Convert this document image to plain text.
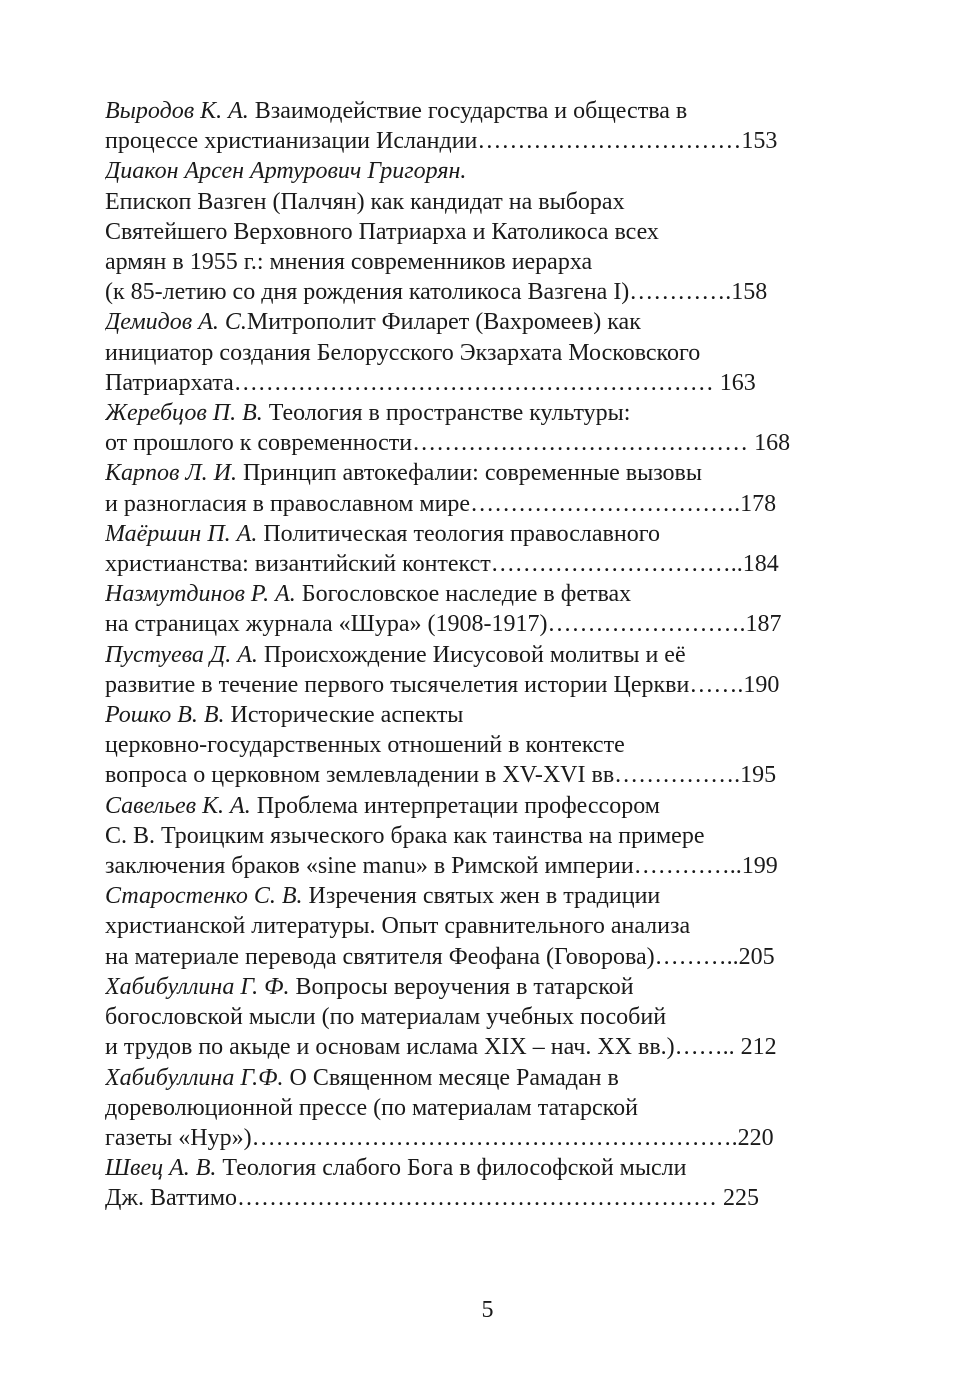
Выродов К. А. Взаимодействие государства и общества в
процессе христианизации Исландии……………………………153
Диакон Арсен Артурович Григорян.
Епископ Вазген (Палчян) как кандидат на выборах
Святейшего Верховного Патриарха и Католикоса всех
армян в 1955 г.: мнения современников иерарха
(к 85-летию со дня рождения католикоса Вазгена I)………….158
Демидов А. С.Митрополит Филарет (Вахромеев) как
инициатор создания Белорусского Экзархата Московского
Патриархата…………………………………………………… 163
Жеребцов П. В. Теология в пространстве культуры:
от прошлого к современности…………………………………… 168
Карпов Л. И. Принцип автокефалии: современные вызовы
и разногласия в православном мире…………………………….178
Маёршин П. А. Политическая теология православного
христианства: византийский контекст…………………………..184
Назмутдинов Р. А. Богословское наследие в фетвах
на страницах журнала «Шура» (1908-1917)…………………….187
Пустуева Д. А. Происхождение Иисусовой молитвы и её
развитие в течение первого тысячелетия истории Церкви…….190
Рошко В. В. Исторические аспекты
церковно-государственных отношений в контексте
вопроса о церковном землевладении в XV-XVI вв…………….195
Савельев К. А. Проблема интерпретации профессором
С. В. Троицким языческого брака как таинства на примере
заключения браков «sine manu» в Римской империи…………..199
Старостенко С. В. Изречения святых жен в традиции
христианской литературы. Опыт сравнительного анализа
на материале перевода святителя Феофана (Говорова)………..205
Хабибуллина Г. Ф. Вопросы вероучения в татарской
богословской мысли (по материалам учебных пособий
и трудов по акыде и основам ислама XIX – нач. XX вв.)…….. 212
Хабибуллина Г.Ф. О Священном месяце Рамадан в
дореволюционной прессе (по материалам татарской
газеты «Нур»)…………………………………………………….220
Швец А. В. Теология слабого Бога в философской мысли
Дж. Ваттимо…………………………………………………… 225
5
